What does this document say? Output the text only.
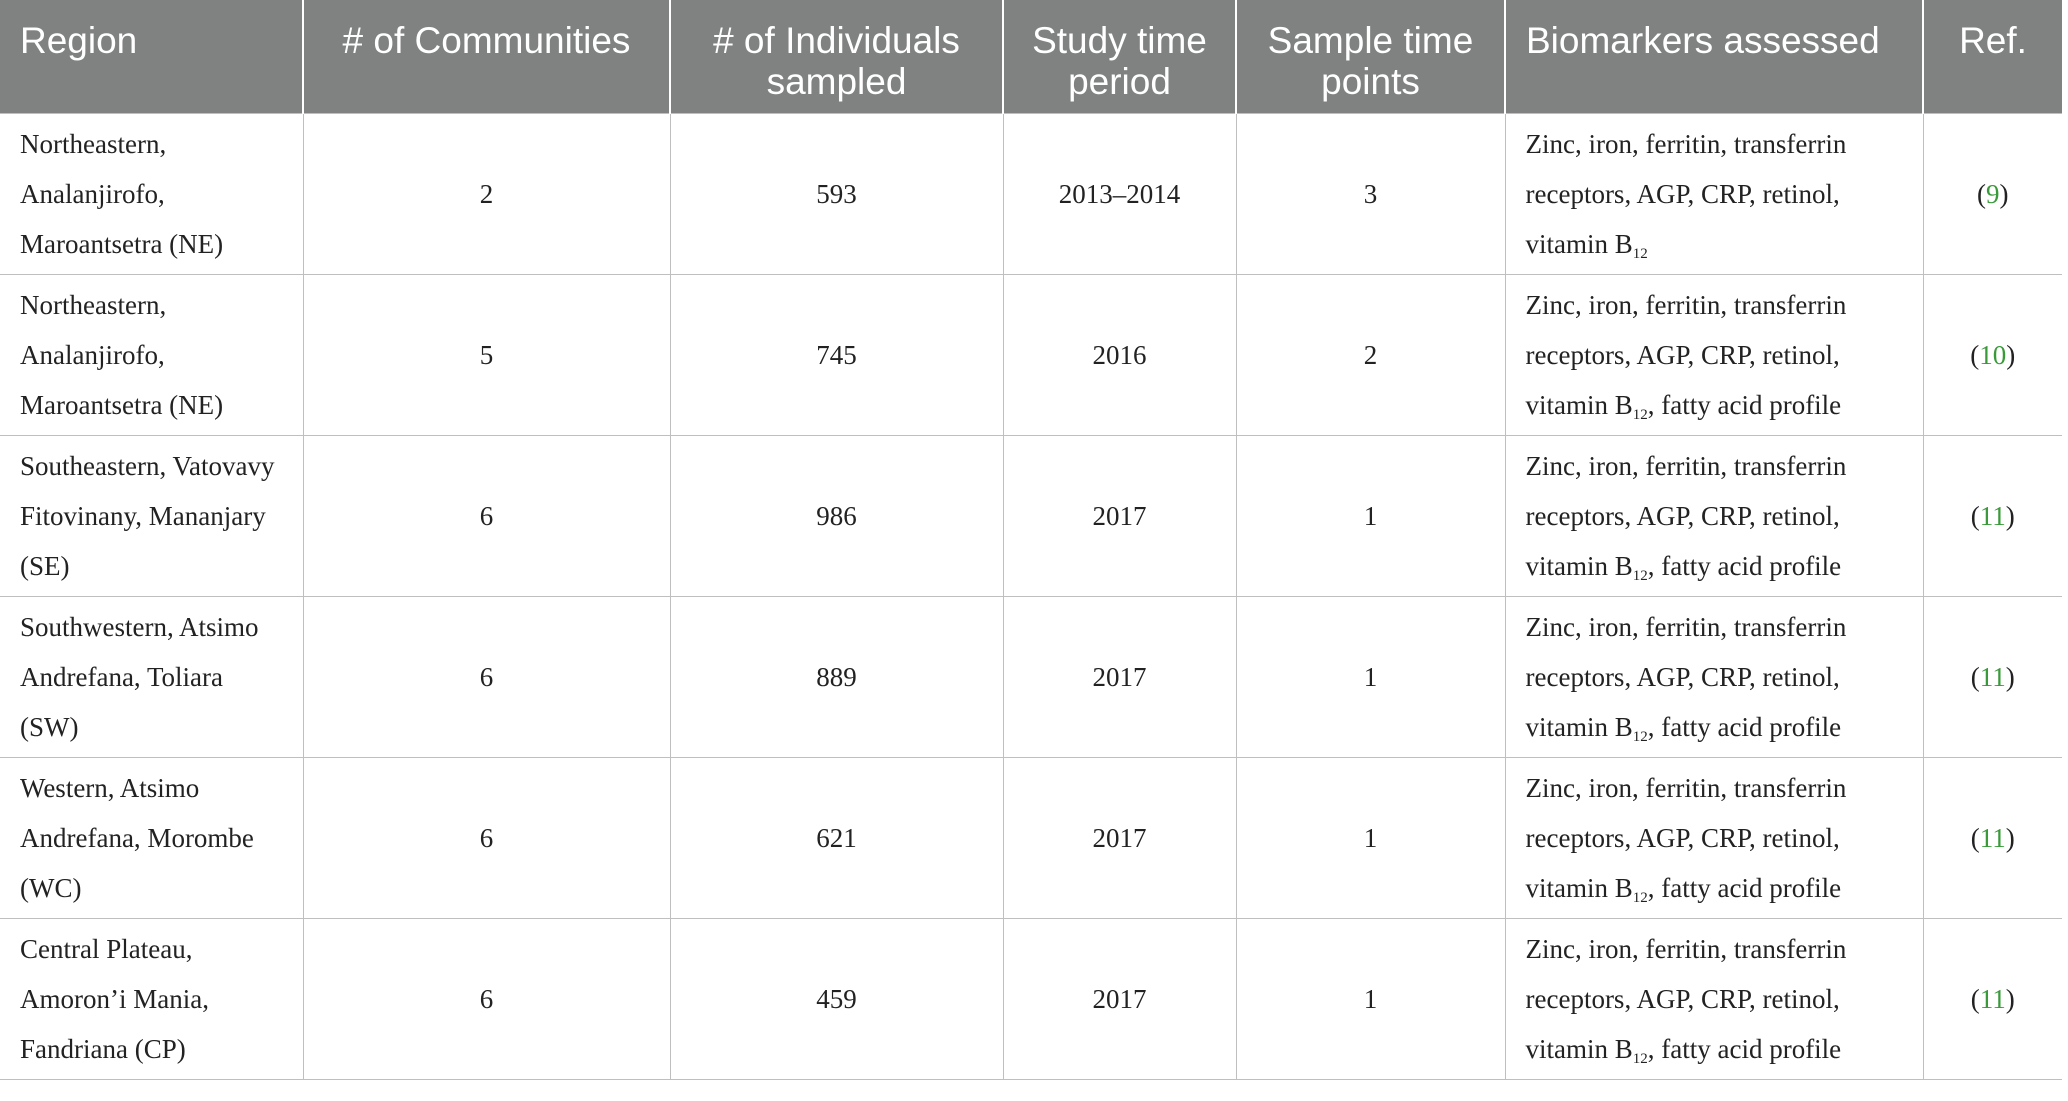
Region	# of Communities	# of Individuals sampled	Study time period	Sample time points	Biomarkers assessed	Ref.
Northeastern, Analanjirofo, Maroantsetra (NE)	2	593	2013–2014	3	Zinc, iron, ferritin, transferrin receptors, AGP, CRP, retinol, vitamin $B_{12}$	(9)
Northeastern, Analanjirofo, Maroantsetra (NE)	5	745	2016	2	Zinc, iron, ferritin, transferrin receptors, AGP, CRP, retinol, vitamin $B_{12}$, fatty acid profile	(10)
Southeastern, Vatovavy Fitovinany, Mananjary (SE)	6	986	2017	1	Zinc, iron, ferritin, transferrin receptors, AGP, CRP, retinol, vitamin $B_{12}$, fatty acid profile	(11)
Southwestern, Atsimo Andrefana, Toliara (SW)	6	889	2017	1	Zinc, iron, ferritin, transferrin receptors, AGP, CRP, retinol, vitamin $B_{12}$, fatty acid profile	(11)
Western, Atsimo Andrefana, Morombe (WC)	6	621	2017	1	Zinc, iron, ferritin, transferrin receptors, AGP, CRP, retinol, vitamin $B_{12}$, fatty acid profile	(11)
Central Plateau, Amoron’i Mania, Fandriana (CP)	6	459	2017	1	Zinc, iron, ferritin, transferrin receptors, AGP, CRP, retinol, vitamin $B_{12}$, fatty acid profile	(11)
